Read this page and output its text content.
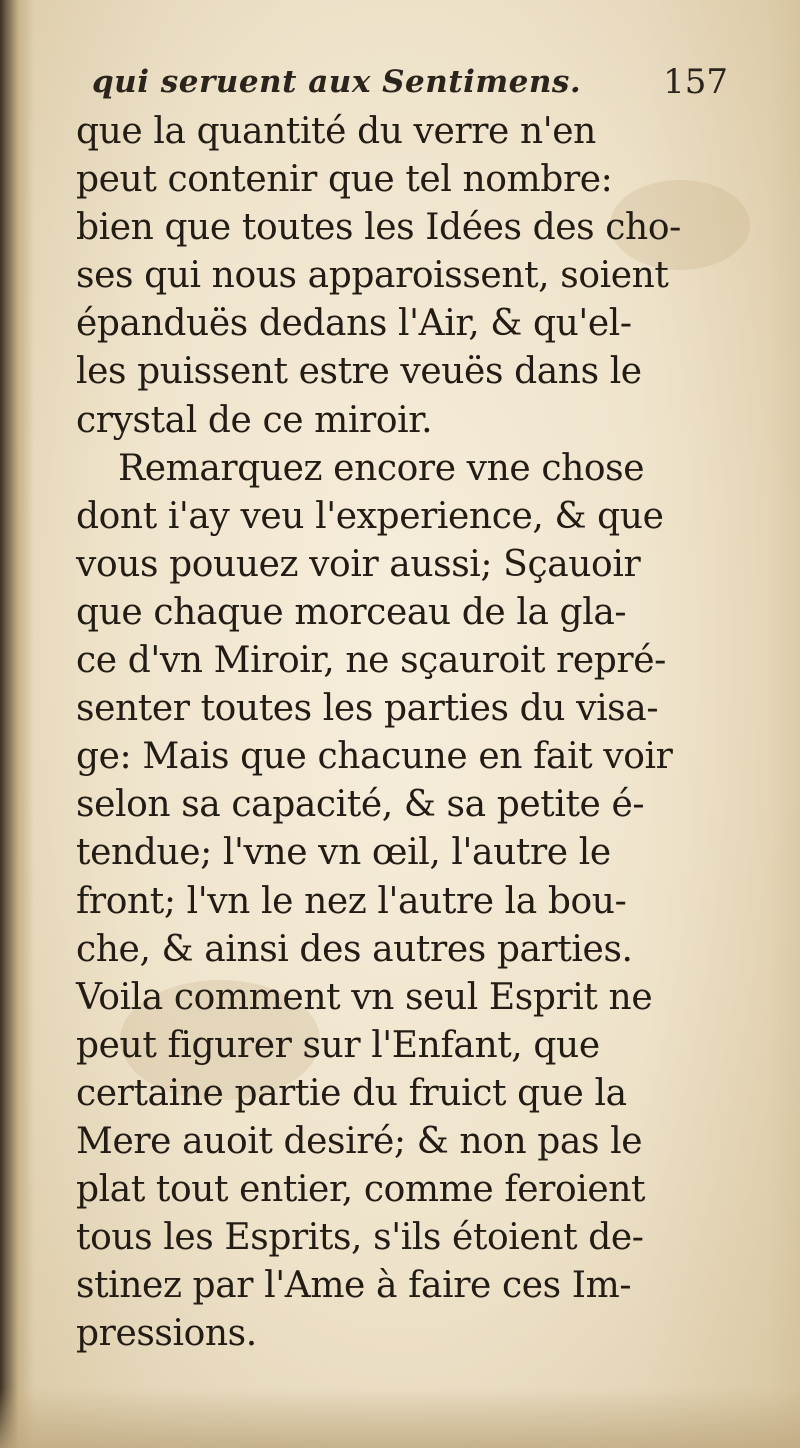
qui seruent aux Sentimens. 157
que la quantité du verre n'en
peut contenir que tel nombre:
bien que toutes les Idées des cho-
ses qui nous apparoissent, soient
épanduës dedans l'Air, & qu'el-
les puissent estre veuës dans le
crystal de ce miroir.
Remarquez encore vne chose
dont i'ay veu l'experience, & que
vous pouuez voir aussi; Sçauoir
que chaque morceau de la gla-
ce d'vn Miroir, ne sçauroit repré-
senter toutes les parties du visa-
ge: Mais que chacune en fait voir
selon sa capacité, & sa petite é-
tendue; l'vne vn œil, l'autre le
front; l'vn le nez l'autre la bou-
che, & ainsi des autres parties.
Voila comment vn seul Esprit ne
peut figurer sur l'Enfant, que
certaine partie du fruict que la
Mere auoit desiré; & non pas le
plat tout entier, comme feroient
tous les Esprits, s'ils étoient de-
stinez par l'Ame à faire ces Im-
pressions.
